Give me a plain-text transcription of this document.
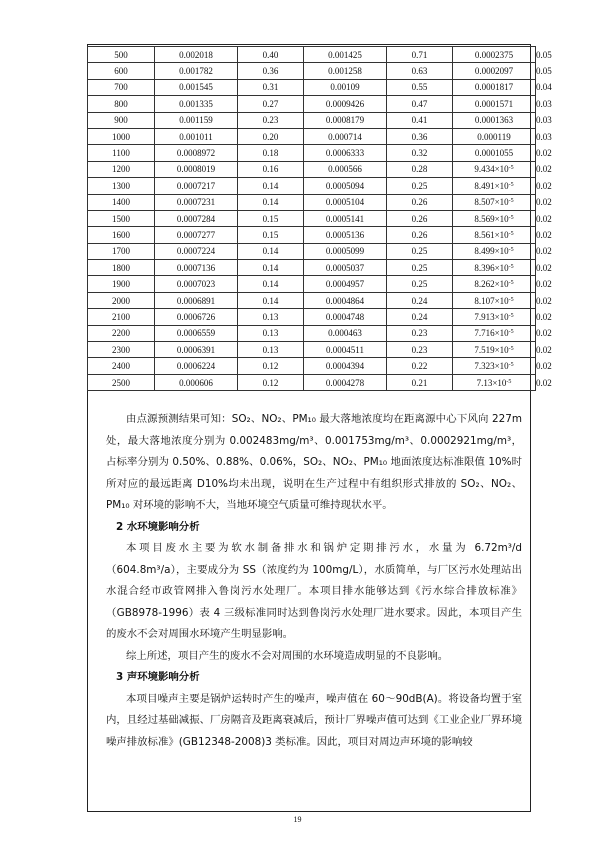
500	0.002018	0.40	0.001425	0.71	0.0002375	0.05
600	0.001782	0.36	0.001258	0.63	0.0002097	0.05
700	0.001545	0.31	0.00109	0.55	0.0001817	0.04
800	0.001335	0.27	0.0009426	0.47	0.0001571	0.03
900	0.001159	0.23	0.0008179	0.41	0.0001363	0.03
1000	0.001011	0.20	0.000714	0.36	0.000119	0.03
1100	0.0008972	0.18	0.0006333	0.32	0.0001055	0.02
1200	0.0008019	0.16	0.000566	0.28	$9.434\times 10^{-5}$	0.02
1300	0.0007217	0.14	0.0005094	0.25	$8.491\times 10^{-5}$	0.02
1400	0.0007231	0.14	0.0005104	0.26	$8.507\times 10^{-5}$	0.02
1500	0.0007284	0.15	0.0005141	0.26	$8.569\times 10^{-5}$	0.02
1600	0.0007277	0.15	0.0005136	0.26	$8.561\times 10^{-5}$	0.02
1700	0.0007224	0.14	0.0005099	0.25	$8.499\times 10^{-5}$	0.02
1800	0.0007136	0.14	0.0005037	0.25	$8.396\times 10^{-5}$	0.02
1900	0.0007023	0.14	0.0004957	0.25	$8.262\times 10^{-5}$	0.02
2000	0.0006891	0.14	0.0004864	0.24	$8.107\times 10^{-5}$	0.02
2100	0.0006726	0.13	0.0004748	0.24	$7.913\times 10^{-5}$	0.02
2200	0.0006559	0.13	0.000463	0.23	$7.716\times 10^{-5}$	0.02
2300	0.0006391	0.13	0.0004511	0.23	$7.519\times 10^{-5}$	0.02
2400	0.0006224	0.12	0.0004394	0.22	$7.323\times 10^{-5}$	0.02
2500	0.000606	0.12	0.0004278	0.21	$7.13\times 10^{-5}$	0.02

由点源预测结果可知：SO₂、NO₂、PM₁₀ 最大落地浓度均在距离源中心下风向 227m 处，最大落地浓度分别为 0.002483mg/m³、0.001753mg/m³、0.0002921mg/m³，占标率分别为 0.50%、0.88%、0.06%，SO₂、NO₂、PM₁₀ 地面浓度达标准限值 10%时所对应的最远距离 D10%均未出现，说明在生产过程中有组织形式排放的 SO₂、NO₂、PM₁₀ 对环境的影响不大，当地环境空气质量可维持现状水平。

2 水环境影响分析

本项目废水主要为软水制备排水和锅炉定期排污水，水量为 6.72m³/d（604.8m³/a），主要成分为 SS（浓度约为 100mg/L），水质简单，与厂区污水处理站出水混合经市政管网排入鲁岗污水处理厂。本项目排水能够达到《污水综合排放标准》（GB8978-1996）表 4 三级标准同时达到鲁岗污水处理厂进水要求。因此，本项目产生的废水不会对周围水环境产生明显影响。

综上所述，项目产生的废水不会对周围的水环境造成明显的不良影响。

3 声环境影响分析

本项目噪声主要是锅炉运转时产生的噪声，噪声值在 60～90dB(A)。将设备均置于室内，且经过基础减振、厂房隔音及距离衰减后，预计厂界噪声值可达到《工业企业厂界环境噪声排放标准》(GB12348-2008)3 类标准。因此，项目对周边声环境的影响较

19
